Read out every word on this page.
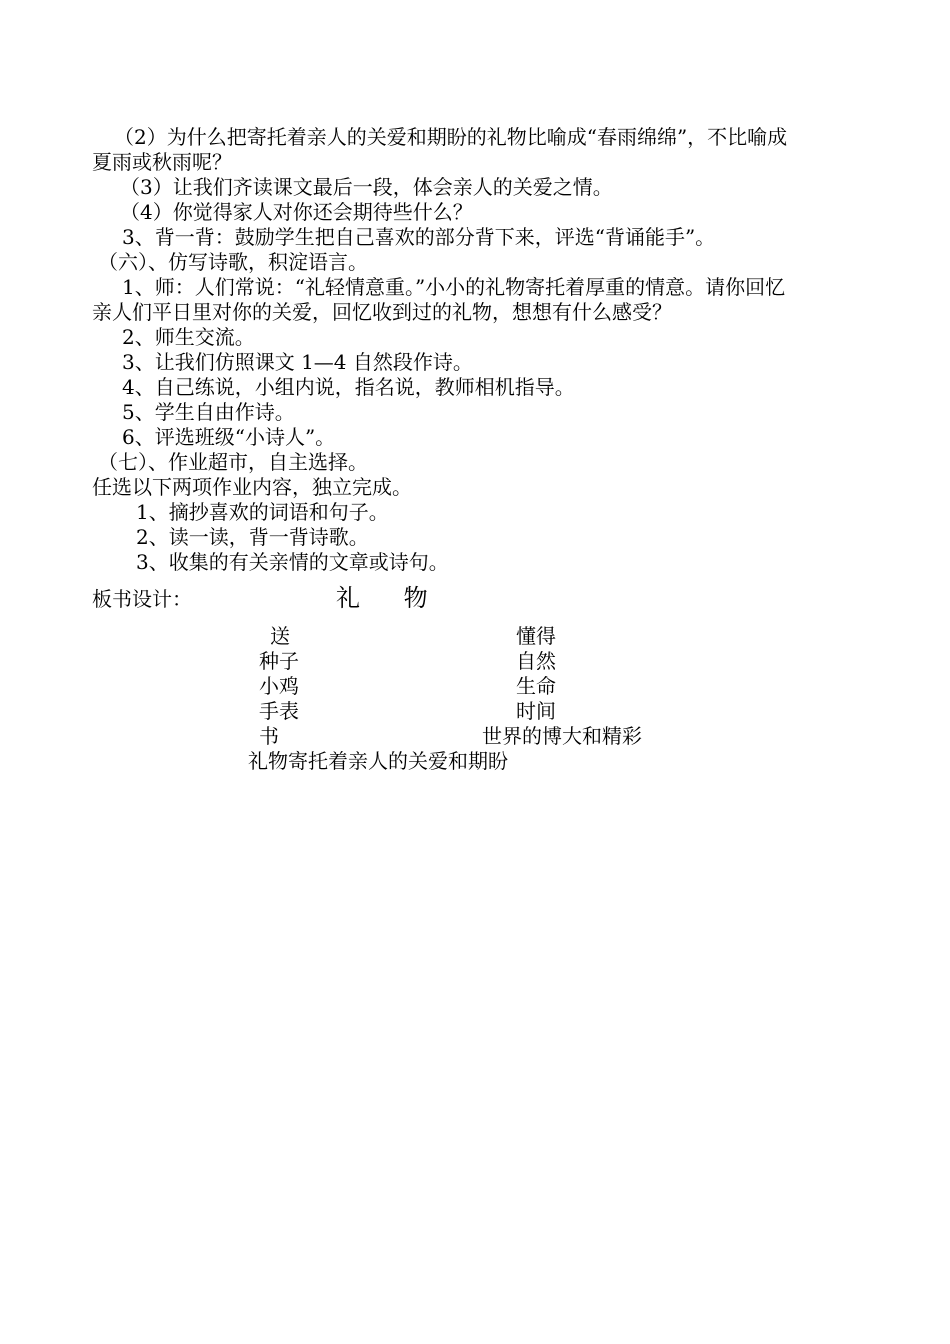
（2）为什么把寄托着亲人的关爱和期盼的礼物比喻成“春雨绵绵”，不比喻成
夏雨或秋雨呢？
（3）让我们齐读课文最后一段，体会亲人的关爱之情。
（4）你觉得家人对你还会期待些什么？
3、背一背：鼓励学生把自己喜欢的部分背下来，评选“背诵能手”。
（六）、仿写诗歌，积淀语言。
1、师：人们常说：“礼轻情意重。”小小的礼物寄托着厚重的情意。请你回忆
亲人们平日里对你的关爱，回忆收到过的礼物，想想有什么感受？
2、师生交流。
3、让我们仿照课文 1—4 自然段作诗。
4、自己练说，小组内说，指名说，教师相机指导。
5、学生自由作诗。
6、评选班级“小诗人”。
（七）、作业超市，自主选择。
任选以下两项作业内容，独立完成。
1、摘抄喜欢的词语和句子。
2、读一读，背一背诗歌。
3、收集的有关亲情的文章或诗句。
板书设计：	礼 物
送
种子
小鸡
手表
书
懂得
自然
生命
时间
世界的博大和精彩
礼物寄托着亲人的关爱和期盼
